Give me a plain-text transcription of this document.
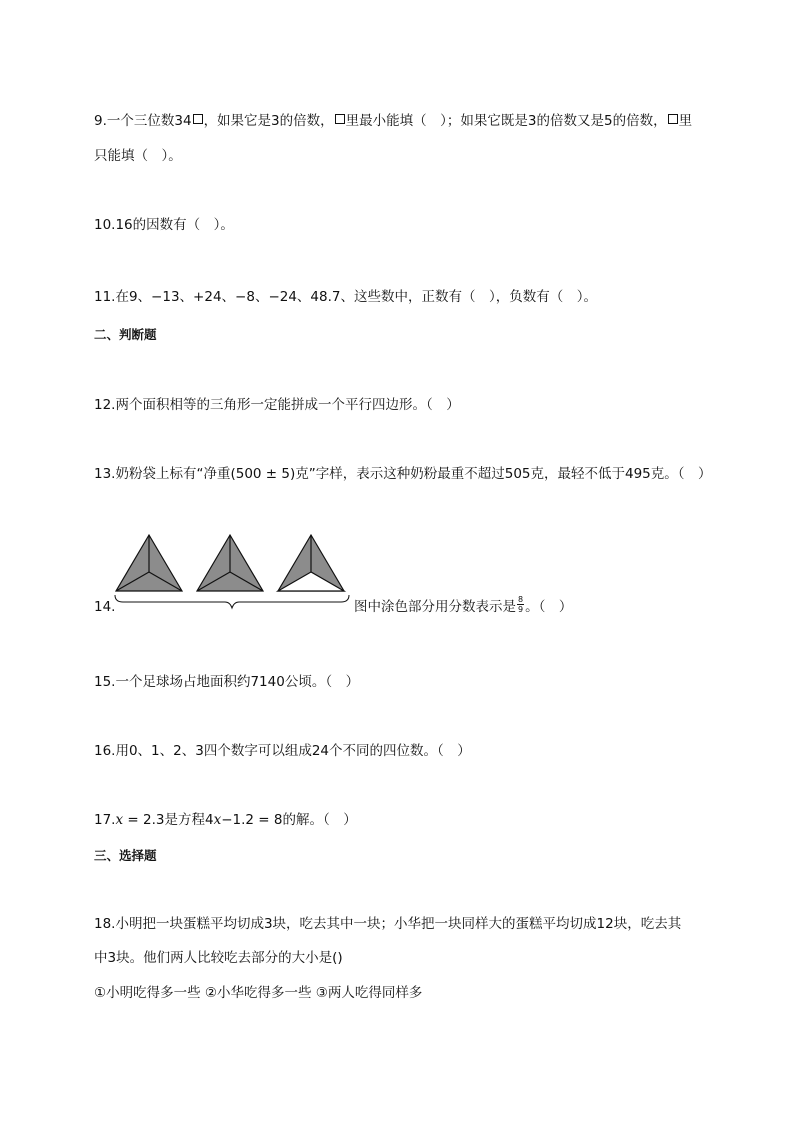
9.一个三位数34 ，如果它是3的倍数， 里最小能填（　）；如果它既是3的倍数又是5的倍数， 里
只能填（　）。
10.16的因数有（　）。
11.在9、−13、+24、−8、−24、48.7、这些数中，正数有（　），负数有（　）。
二、判断题
12.两个面积相等的三角形一定能拼成一个平行四边形。（　）
13.奶粉袋上标有“净重(500 ± 5)克”字样，表示这种奶粉最重不超过505克，最轻不低于495克。（　）
14.	图中涂色部分用分数表示是 $\frac{8}{9}$ 。（　）
15.一个足球场占地面积约7140公顷。（　）
16.用0、1、2、3四个数字可以组成24个不同的四位数。（　）
17.x = 2.3是方程4x−1.2 = 8的解。（　）
三、选择题
18.小明把一块蛋糕平均切成3块，吃去其中一块；小华把一块同样大的蛋糕平均切成12块，吃去其
中3块。他们两人比较吃去部分的大小是()
①小明吃得多一些 ②小华吃得多一些 ③两人吃得同样多
